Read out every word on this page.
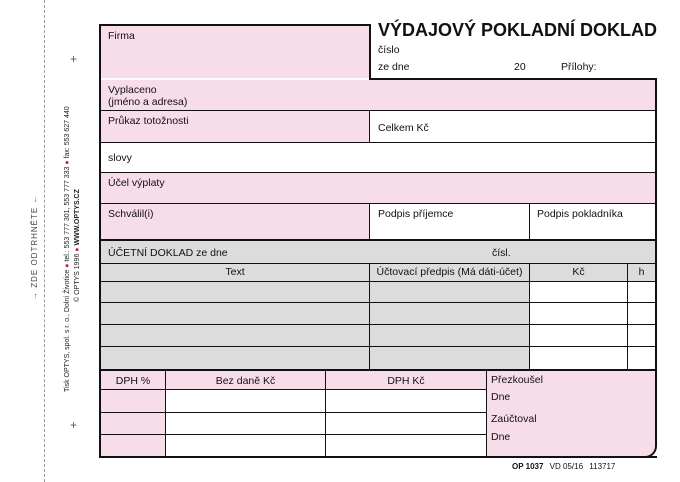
+
+
→ ZDE ODTRHNĚTE ←
Tisk OPTYS, spol. s r. o., Dolní Životice ● tel.: 553 777 301, 553 777 333 ● fax: 553 627 440
© OPTYS 1996 ● WWW.OPTYS.CZ
VÝDAJOVÝ POKLADNÍ DOKLAD
Firma
číslo
ze dne	20	Přílohy:
Vyplaceno
(jméno a adresa)
Průkaz totožnosti
Celkem Kč
slovy
Účel výplaty
Schválil(i)	Podpis příjemce	Podpis pokladníka
ÚČETNÍ DOKLAD ze dne	čísl.
Text	Účtovací předpis (Má dáti-účet)	Kč	h
DPH %	Bez daně Kč	DPH Kč	Přezkoušel
Dne
Zaúčtoval
Dne
OP 1037 VD 05/16 113717
